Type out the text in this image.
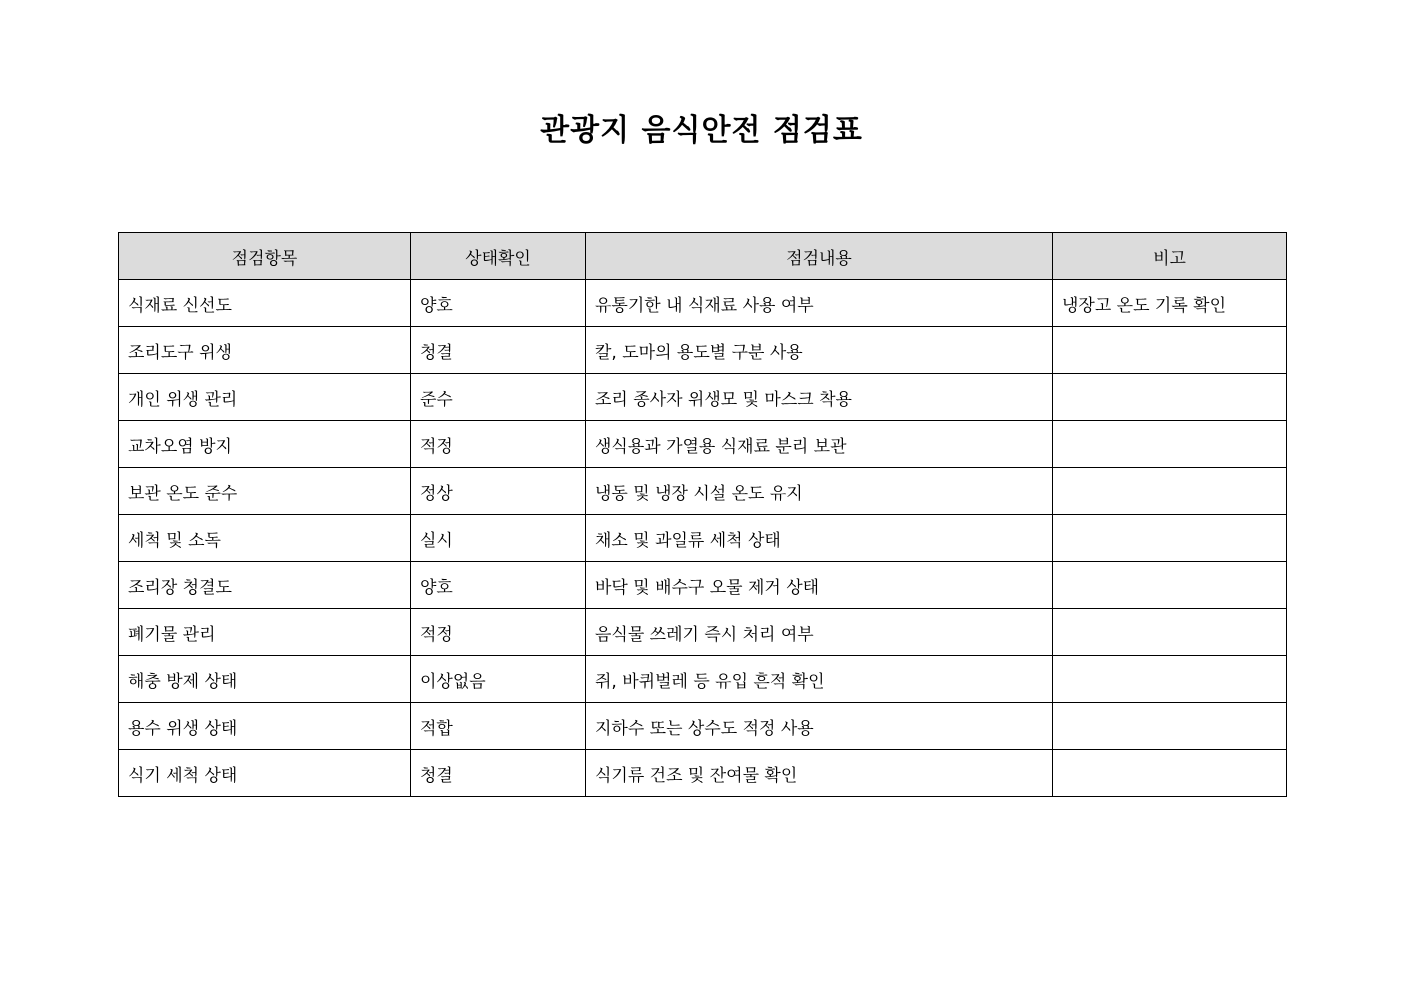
관광지 음식안전 점검표
점검항목	상태확인	점검내용	비고
식재료 신선도	양호	유통기한 내 식재료 사용 여부	냉장고 온도 기록 확인
조리도구 위생	청결	칼, 도마의 용도별 구분 사용	
개인 위생 관리	준수	조리 종사자 위생모 및 마스크 착용	
교차오염 방지	적정	생식용과 가열용 식재료 분리 보관	
보관 온도 준수	정상	냉동 및 냉장 시설 온도 유지	
세척 및 소독	실시	채소 및 과일류 세척 상태	
조리장 청결도	양호	바닥 및 배수구 오물 제거 상태	
폐기물 관리	적정	음식물 쓰레기 즉시 처리 여부	
해충 방제 상태	이상없음	쥐, 바퀴벌레 등 유입 흔적 확인	
용수 위생 상태	적합	지하수 또는 상수도 적정 사용	
식기 세척 상태	청결	식기류 건조 및 잔여물 확인	
